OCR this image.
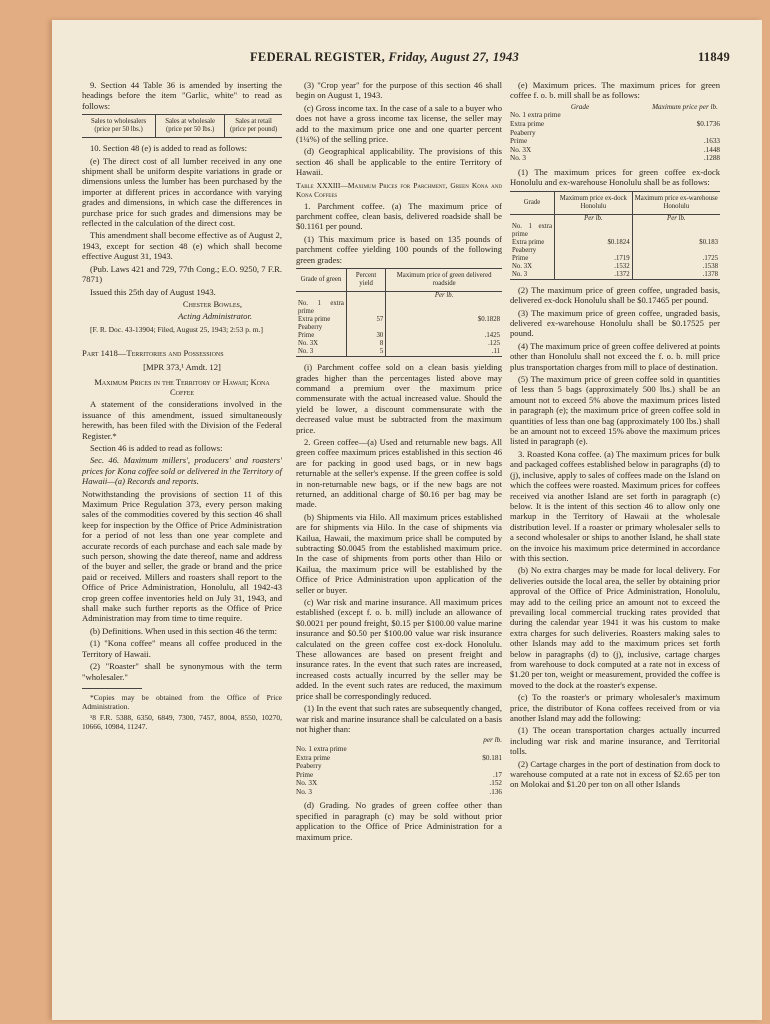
FEDERAL REGISTER, Friday, August 27, 1943	11849

9. Section 44 Table 36 is amended by inserting the headings before the item "Garlic, white" to read as follows:

Sales to wholesalers (price per 50 lbs.)	Sales at wholesale (price per 50 lbs.)	Sales at retail (price per pound)

10. Section 48 (e) is added to read as follows:

(e) The direct cost of all lumber received in any one shipment shall be uniform despite variations in grade or dimensions unless the lumber has been purchased by the importer at different prices in accordance with varying grades and dimensions, in which case the differences in purchase price for such grades and dimensions may be reflected in the calculation of the direct cost.

This amendment shall become effective as of August 2, 1943, except for section 48 (e) which shall become effective August 31, 1943.

(Pub. Laws 421 and 729, 77th Cong.; E.O. 9250, 7 F.R. 7871)

Issued this 25th day of August 1943.

Chester Bowles,

Acting Administrator.

[F. R. Doc. 43-13904; Filed, August 25, 1943; 2:53 p. m.]

Part 1418—Territories and Possessions

[MPR 373,¹ Amdt. 12]

Maximum Prices in the Territory of Hawaii; Kona Coffee

A statement of the considerations involved in the issuance of this amendment, issued simultaneously herewith, has been filed with the Division of the Federal Register.*

Section 46 is added to read as follows:

Sec. 46. Maximum millers', producers' and roasters' prices for Kona coffee sold or delivered in the Territory of Hawaii—(a) Records and reports.

Notwithstanding the provisions of section 11 of this Maximum Price Regulation 373, every person making sales of the commodities covered by this section 46 shall keep for inspection by the Office of Price Administration for a period of not less than one year complete and accurate records of each purchase and each sale made by such person, showing the date thereof, name and address of the buyer and seller, the grade or brand and the price paid or received. Millers and roasters shall report to the Office of Price Administration, Honolulu, all 1942-43 crop green coffee inventories held on July 31, 1943, and shall make such further reports as the Office of Price Administration may from time to time require.

(b) Definitions. When used in this section 46 the term:

(1) "Kona coffee" means all coffee produced in the Territory of Hawaii.

(2) "Roaster" shall be synonymous with the term "wholesaler."

*Copies may be obtained from the Office of Price Administration.

¹8 F.R. 5388, 6350, 6849, 7300, 7457, 8004, 8550, 10270, 10666, 10984, 11247.

(3) "Crop year" for the purpose of this section 46 shall begin on August 1, 1943.

(c) Gross income tax. In the case of a sale to a buyer who does not have a gross income tax license, the seller may add to the maximum price one and one quarter percent (1¼%) of the selling price.

(d) Geographical applicability. The provisions of this section 46 shall be applicable to the entire Territory of Hawaii.

Table XXXIII—Maximum Prices for Parchment, Green Kona and Kona Coffees

1. Parchment coffee. (a) The maximum price of parchment coffee, clean basis, delivered roadside shall be $0.1161 per pound.

(1) This maximum price is based on 135 pounds of parchment coffee yielding 100 pounds of the following green grades:

Grade of green	Percent yield	Maximum price of green delivered roadside
		Per lb.
No. 1 extra prime		
Extra prime	57	$0.1828
Peaberry		
Prime	30	.1425
No. 3X	8	.125
No. 3	5	.11

(i) Parchment coffee sold on a clean basis yielding grades higher than the percentages listed above may command a premium over the maximum price commensurate with the actual increased value. Should the yield be lower, a discount commensurate with the decreased value must be subtracted from the maximum price.

2. Green coffee—(a) Used and returnable new bags. All green coffee maximum prices established in this section 46 are for packing in good used bags, or in new bags returnable at the seller's expense. If the green coffee is sold in non-returnable new bags, or if the new bags are not returned, an additional charge of $0.16 per bag may be made.

(b) Shipments via Hilo. All maximum prices established are for shipments via Hilo. In the case of shipments via Kailua, Hawaii, the maximum price shall be computed by subtracting $0.0045 from the established maximum price. In the case of shipments from ports other than Hilo or Kailua, the maximum price will be established by the Office of Price Administration upon application of the seller or buyer.

(c) War risk and marine insurance. All maximum prices established (except f. o. b. mill) include an allowance of $0.0021 per pound freight, $0.15 per $100.00 value marine insurance and $0.50 per $100.00 value war risk insurance calculated on the green coffee cost ex-dock Honolulu. These allowances are based on present freight and insurance rates. In the event that such rates are increased, increased costs actually incurred by the seller may be added. In the event such rates are reduced, the maximum price shall be correspondingly reduced.

(1) In the event that such rates are subsequently changed, war risk and marine insurance shall be calculated on a basis not higher than:

	per lb.
No. 1 extra prime	
Extra prime	$0.181
Peaberry	
Prime	.17
No. 3X	.152
No. 3	.136

(d) Grading. No grades of green coffee other than specified in paragraph (c) may be sold without prior application to the Office of Price Administration for a maximum price.

(e) Maximum prices. The maximum prices for green coffee f. o. b. mill shall be as follows:

Grade	Maximum price per lb.
No. 1 extra prime	
Extra prime	$0.1736
Peaberry	
Prime	.1633
No. 3X	.1448
No. 3	.1288

(1) The maximum prices for green coffee ex-dock Honolulu and ex-warehouse Honolulu shall be as follows:

Grade	Maximum price ex-dock Honolulu	Maximum price ex-warehouse Honolulu
	Per lb.	Per lb.
No. 1 extra prime		
Extra prime	$0.1824	$0.183
Peaberry		
Prime	.1719	.1725
No. 3X	.1532	.1538
No. 3	.1372	.1378

(2) The maximum price of green coffee, ungraded basis, delivered ex-dock Honolulu shall be $0.17465 per pound.

(3) The maximum price of green coffee, ungraded basis, delivered ex-warehouse Honolulu shall be $0.17525 per pound.

(4) The maximum price of green coffee delivered at points other than Honolulu shall not exceed the f. o. b. mill price plus transportation charges from mill to place of destination.

(5) The maximum price of green coffee sold in quantities of less than 5 bags (approximately 500 lbs.) shall be an amount not to exceed 5% above the maximum prices listed in paragraph (e); the maximum price of green coffee sold in quantities of less than one bag (approximately 100 lbs.) shall be an amount not to exceed 15% above the maximum prices listed in paragraph (e).

3. Roasted Kona coffee. (a) The maximum prices for bulk and packaged coffees established below in paragraphs (d) to (j), inclusive, apply to sales of coffees made on the Island on which the coffees were roasted. Maximum prices for coffees received via another Island are set forth in paragraph (c) below. It is the intent of this section 46 to allow only one markup in the Territory of Hawaii at the wholesale distribution level. If a roaster or primary wholesaler sells to a second wholesaler or ships to another Island, he shall state on the invoice his maximum price determined in accordance with this section.

(b) No extra charges may be made for local delivery. For deliveries outside the local area, the seller by obtaining prior approval of the Office of Price Administration, Honolulu, may add to the ceiling price an amount not to exceed the prevailing local commercial trucking rates provided that during the calendar year 1941 it was his custom to make extra charges for such deliveries. Roasters making sales to other Islands may add to the maximum prices set forth below in paragraphs (d) to (j), inclusive, cartage charges from warehouse to dock computed at a rate not in excess of $1.20 per ton, weight or measurement, provided the coffee is moved to the dock at the roaster's expense.

(c) To the roaster's or primary wholesaler's maximum price, the distributor of Kona coffees received from or via another Island may add the following:

(1) The ocean transportation charges actually incurred including war risk and marine insurance, and Territorial tolls.

(2) Cartage charges in the port of destination from dock to warehouse computed at a rate not in excess of $2.65 per ton on Molokai and $1.20 per ton on all other Islands
